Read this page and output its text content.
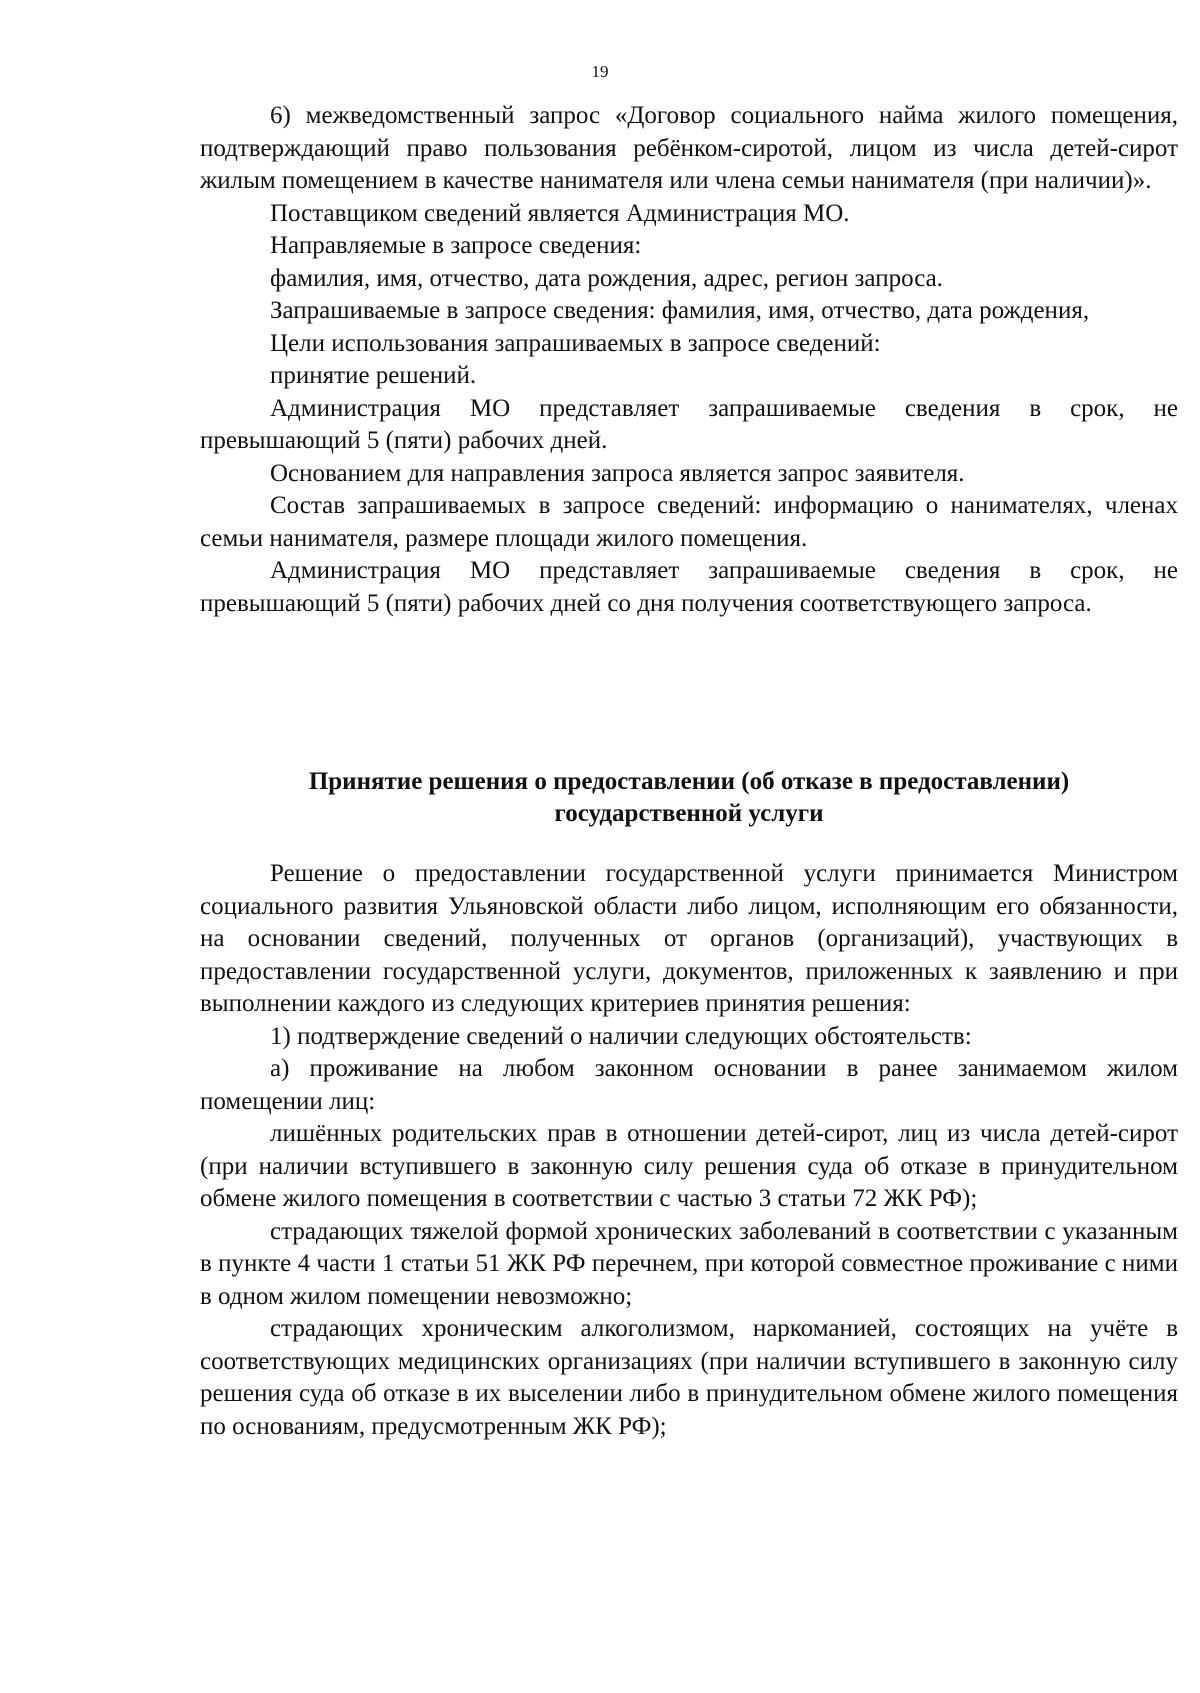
19

6) межведомственный запрос «Договор социального найма жилого помещения, подтверждающий право пользования ребёнком-сиротой, лицом из числа детей-сирот жилым помещением в качестве нанимателя или члена семьи нанимателя (при наличии)».

Поставщиком сведений является Администрация МО.

Направляемые в запросе сведения:

фамилия, имя, отчество, дата рождения, адрес, регион запроса.

Запрашиваемые в запросе сведения: фамилия, имя, отчество, дата рождения,

Цели использования запрашиваемых в запросе сведений:

принятие решений.

Администрация МО представляет запрашиваемые сведения в срок, не превышающий 5 (пяти) рабочих дней.

Основанием для направления запроса является запрос заявителя.

Состав запрашиваемых в запросе сведений: информацию о нанимателях, членах семьи нанимателя, размере площади жилого помещения.

Администрация МО представляет запрашиваемые сведения в срок, не превышающий 5 (пяти) рабочих дней со дня получения соответствующего запроса.

Принятие решения о предоставлении (об отказе в предоставлении)

государственной услуги

Решение о предоставлении государственной услуги принимается Министром социального развития Ульяновской области либо лицом, исполняющим его обязанности, на основании сведений, полученных от органов (организаций), участвующих в предоставлении государственной услуги, документов, приложенных к заявлению и при выполнении каждого из следующих критериев принятия решения:

1) подтверждение сведений о наличии следующих обстоятельств:

а) проживание на любом законном основании в ранее занимаемом жилом помещении лиц:

лишённых родительских прав в отношении детей-сирот, лиц из числа детей-сирот (при наличии вступившего в законную силу решения суда об отказе в принудительном обмене жилого помещения в соответствии с частью 3 статьи 72 ЖК РФ);

страдающих тяжелой формой хронических заболеваний в соответствии с указанным в пункте 4 части 1 статьи 51 ЖК РФ перечнем, при которой совместное проживание с ними в одном жилом помещении невозможно;

страдающих хроническим алкоголизмом, наркоманией, состоящих на учёте в соответствующих медицинских организациях (при наличии вступившего в законную силу решения суда об отказе в их выселении либо в принудительном обмене жилого помещения по основаниям, предусмотренным ЖК РФ);
